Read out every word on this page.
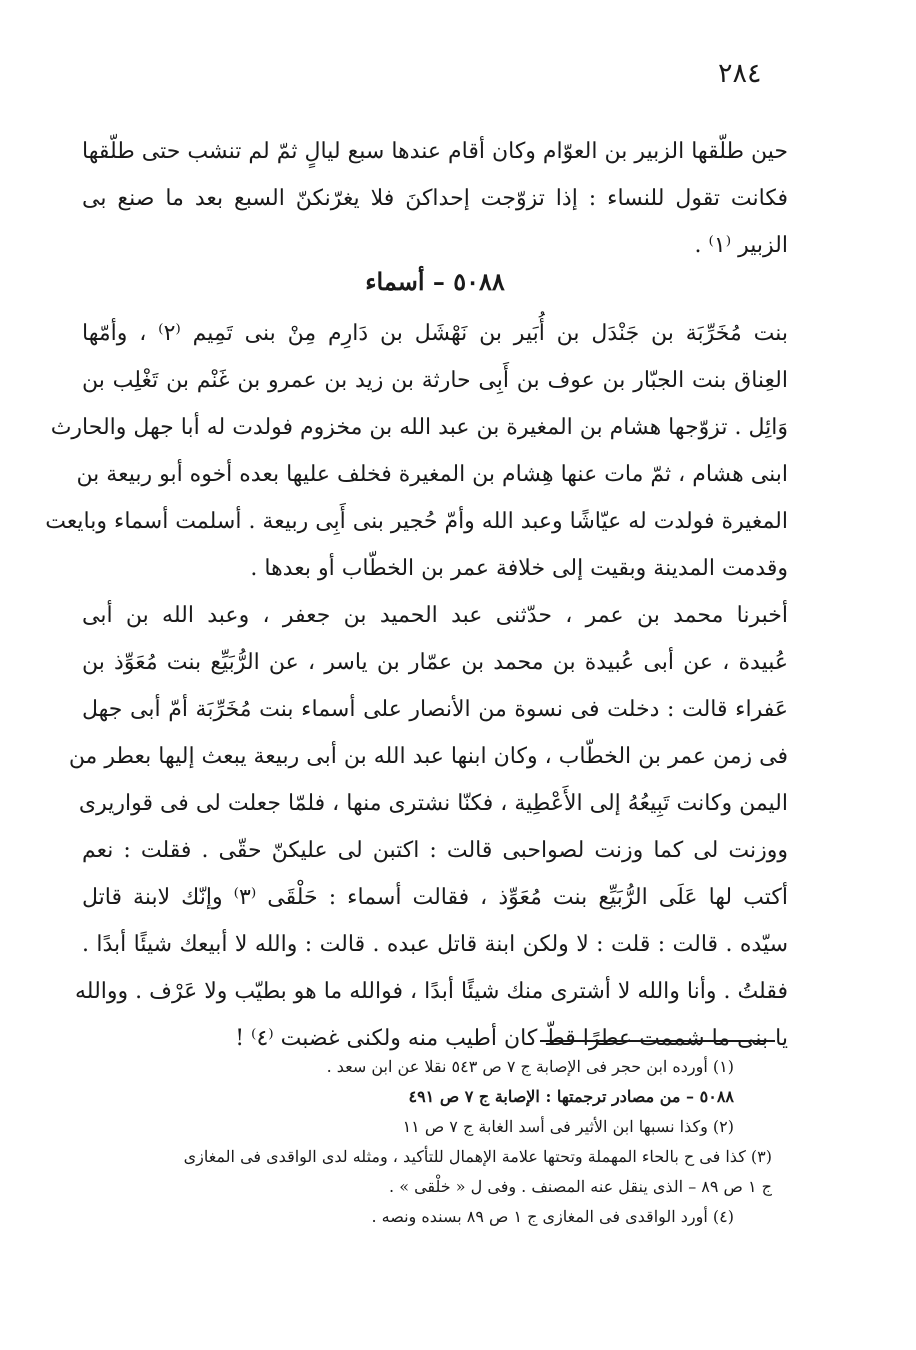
٢٨٤
حين طلّقها الزبير بن العوّام وكان أقام عندها سبع ليالٍ ثمّ لم تنشب حتى طلّقها
فكانت تقول للنساء : إذا تزوّجت إحداكنَ فلا يغرّنكنّ السبع بعد ما صنع بى
الزبير ⁽١⁾ .
٥٠٨٨ – أسماء
بنت مُخَرِّبَة بن جَنْدَل بن أُبَير بن نَهْشَل بن دَارِم مِنْ بنى تَمِيم ⁽٢⁾ ، وأمّها
العِناق بنت الجبّار بن عوف بن أَبِى حارثة بن زيد بن عمرو بن غَنْم بن تَغْلِب بن
وَائِل . تزوّجها هشام بن المغيرة بن عبد الله بن مخزوم فولدت له أبا جهل والحارث
ابنى هشام ، ثمّ مات عنها هِشام بن المغيرة فخلف عليها بعده أخوه أبو ربيعة بن
المغيرة فولدت له عيّاشًا وعبد الله وأمّ حُجير بنى أَبِى ربيعة . أسلمت أسماء وبايعت
وقدمت المدينة وبقيت إلى خلافة عمر بن الخطّاب أو بعدها .
أخبرنا محمد بن عمر ، حدّثنى عبد الحميد بن جعفر ، وعبد الله بن أبى
عُبيدة ، عن أبى عُبيدة بن محمد بن عمّار بن ياسر ، عن الرُّبَيِّع بنت مُعَوِّذ بن
عَفراء قالت : دخلت فى نسوة من الأنصار على أسماء بنت مُخَرِّبَة أمّ أبى جهل
فى زمن عمر بن الخطّاب ، وكان ابنها عبد الله بن أبى ربيعة يبعث إليها بعطر من
اليمن وكانت تَبِيعُهُ إلى الأَعْطِية ، فكنّا نشترى منها ، فلمّا جعلت لى فى قواريرى
ووزنت لى كما وزنت لصواحبى قالت : اكتبن لى عليكنّ حقّى . فقلت : نعم
أكتب لها عَلَى الرُّبَيِّع بنت مُعَوِّذ ، فقالت أسماء : حَلْقَى ⁽٣⁾ وإنّك لابنة قاتل
سيّده . قالت : قلت : لا ولكن ابنة قاتل عبده . قالت : والله لا أبيعك شيئًا أبدًا .
فقلتُ . وأنا والله لا أشترى منك شيئًا أبدًا ، فوالله ما هو بطيّب ولا عَرْف . ووالله
يا بنى ما شممت عطرًا قطّ كان أطيب منه ولكنى غضبت ⁽٤⁾ !
(١) أورده ابن حجر فى الإصابة ج ٧ ص ٥٤٣ نقلا عن ابن سعد .
٥٠٨٨ – من مصادر ترجمتها : الإصابة ج ٧ ص ٤٩١
(٢) وكذا نسبها ابن الأثير فى أسد الغابة ج ٧ ص ١١
(٣) كذا فى ح بالحاء المهملة وتحتها علامة الإهمال للتأكيد ، ومثله لدى الواقدى فى المغازى
ج ١ ص ٨٩ – الذى ينقل عنه المصنف . وفى ل « خلْقى » .
(٤) أورد الواقدى فى المغازى ج ١ ص ٨٩ بسنده ونصه .
